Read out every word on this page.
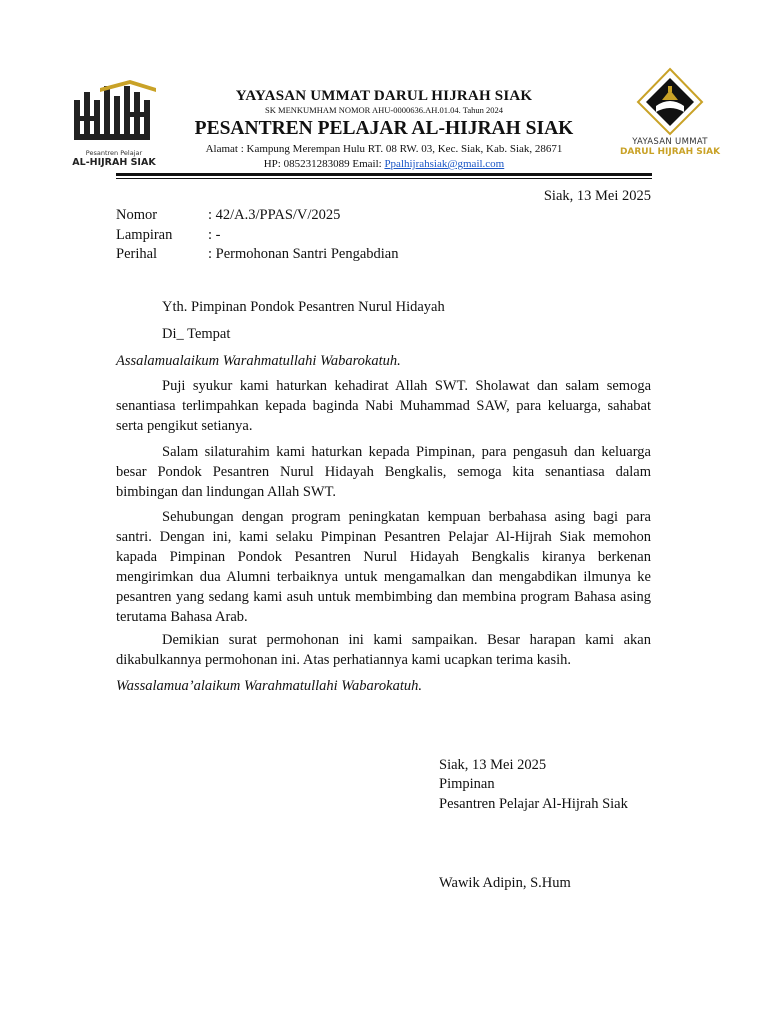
Pesantren Pelajar
AL-HIJRAH SIAK
YAYASAN UMMAT
DARUL HIJRAH SIAK
YAYASAN UMMAT DARUL HIJRAH SIAK
SK MENKUMHAM NOMOR AHU-0000636.AH.01.04. Tahun 2024
PESANTREN PELAJAR AL-HIJRAH SIAK
Alamat : Kampung Merempan Hulu RT. 08 RW. 03, Kec. Siak, Kab. Siak, 28671
HP: 085231283089 Email: Ppalhijrahsiak@gmail.com
Siak, 13 Mei 2025
Nomor	: 42/A.3/PPAS/V/2025
Lampiran : -
Perihal	: Permohonan Santri Pengabdian
Yth. Pimpinan Pondok Pesantren Nurul Hidayah
Di_ Tempat
Assalamualaikum Warahmatullahi Wabarokatuh.
Puji syukur kami haturkan kehadirat Allah SWT. Sholawat dan salam semoga senantiasa terlimpahkan kepada baginda Nabi Muhammad SAW, para keluarga, sahabat serta pengikut setianya.
Salam silaturahim kami haturkan kepada Pimpinan, para pengasuh dan keluarga besar Pondok Pesantren Nurul Hidayah Bengkalis, semoga kita senantiasa dalam bimbingan dan lindungan Allah SWT.
Sehubungan dengan program peningkatan kempuan berbahasa asing bagi para santri. Dengan ini, kami selaku Pimpinan Pesantren Pelajar Al-Hijrah Siak memohon kapada Pimpinan Pondok Pesantren Nurul Hidayah Bengkalis kiranya berkenan mengirimkan dua Alumni terbaiknya untuk mengamalkan dan mengabdikan ilmunya ke pesantren yang sedang kami asuh untuk membimbing dan membina program Bahasa asing terutama Bahasa Arab.
Demikian surat permohonan ini kami sampaikan. Besar harapan kami akan dikabulkannya permohonan ini. Atas perhatiannya kami ucapkan terima kasih.
Wassalamua’alaikum Warahmatullahi Wabarokatuh.
Siak, 13 Mei 2025
Pimpinan
Pesantren Pelajar Al-Hijrah Siak
Wawik Adipin, S.Hum
